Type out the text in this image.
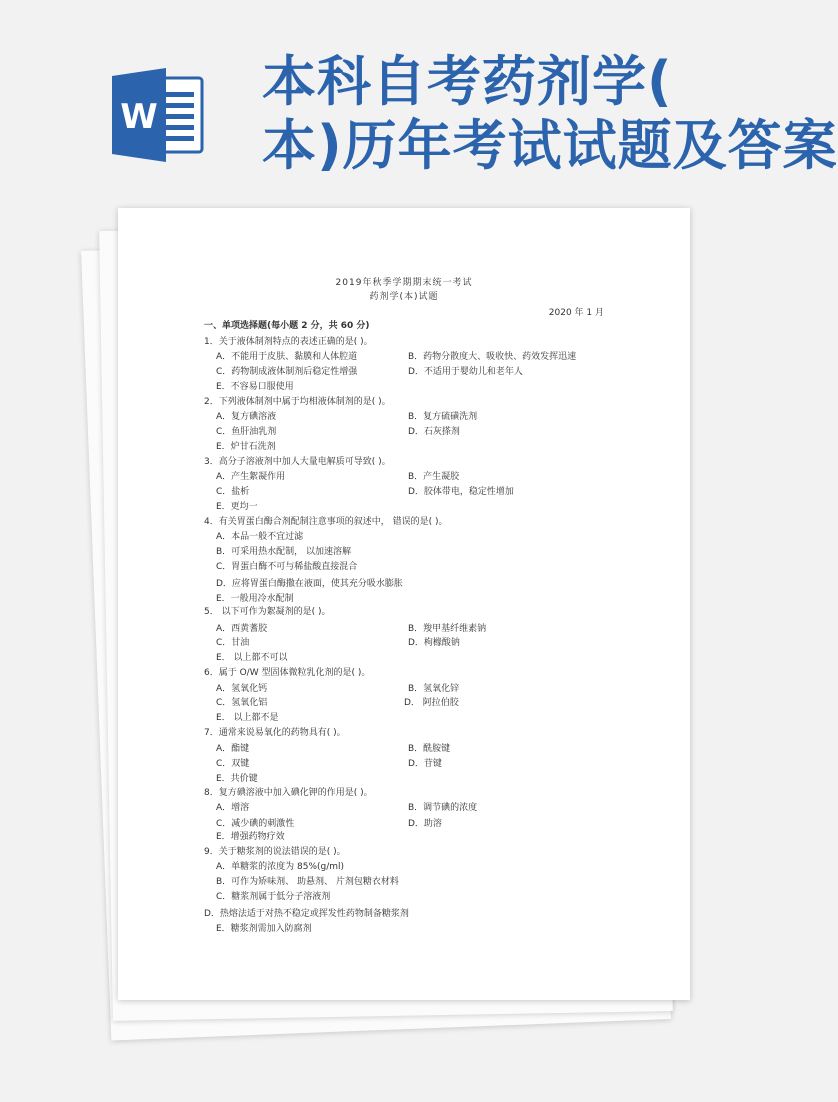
W
本科自考药剂学(
本)历年考试试题及答案
2019年秋季学期期末统一考试
药剂学(本)试题
2020 年 1 月
一、单项选择题(每小题 2 分，共 60 分)
1．关于液体制剂特点的表述正确的是( )。
A．不能用于皮肤、黏膜和人体腔道	B．药物分散度大、吸收快、药效发挥迅速
C．药物制成液体制剂后稳定性增强	D．不适用于婴幼儿和老年人
E．不容易口服使用
2．下列液体制剂中属于均相液体制剂的是( )。
A．复方碘溶液	B．复方硫磺洗剂
C．鱼肝油乳剂	D．石灰搽剂
E．炉甘石洗剂
3．高分子溶液剂中加人大量电解质可导致( )。
A．产生絮凝作用	B．产生凝胶
C．盐析	D．胶体带电，稳定性增加
E．更均一
4．有关胃蛋白酶合剂配制注意事项的叙述中， 错误的是( )。
A．本品一般不宜过滤
B．可采用热水配制， 以加速溶解
C．胃蛋白酶不可与稀盐酸直接混合
D．应将胃蛋白酶撒在液面，使其充分吸水膨胀
E．一般用冷水配制
5． 以下可作为絮凝剂的是( )。
A．西黄蓍胶	B．羧甲基纤维素钠
C．甘油	D．枸橼酸钠
E． 以上都不可以
6．属于 O/W 型固体微粒乳化剂的是( )。
A．氢氧化钙	B．氢氧化锌
C．氢氧化铝	D． 阿拉伯胶
E． 以上都不是
7．通常来说易氧化的药物具有( )。
A．酯键	B．酰胺键
C．双键	D．苷键
E．共价键
8．复方碘溶液中加入碘化钾的作用是( )。
A．增溶	B．调节碘的浓度
C．减少碘的刺激性	D．助溶
E．增强药物疗效
9．关于糖浆剂的说法错误的是( )。
A．单糖浆的浓度为 85%(g/ml)
B．可作为矫味剂、 助悬剂、 片剂包糖衣材料
C．糖浆剂属于低分子溶液剂
D．热熔法适于对热不稳定或挥发性药物制备糖浆剂
E．糖浆剂需加入防腐剂
